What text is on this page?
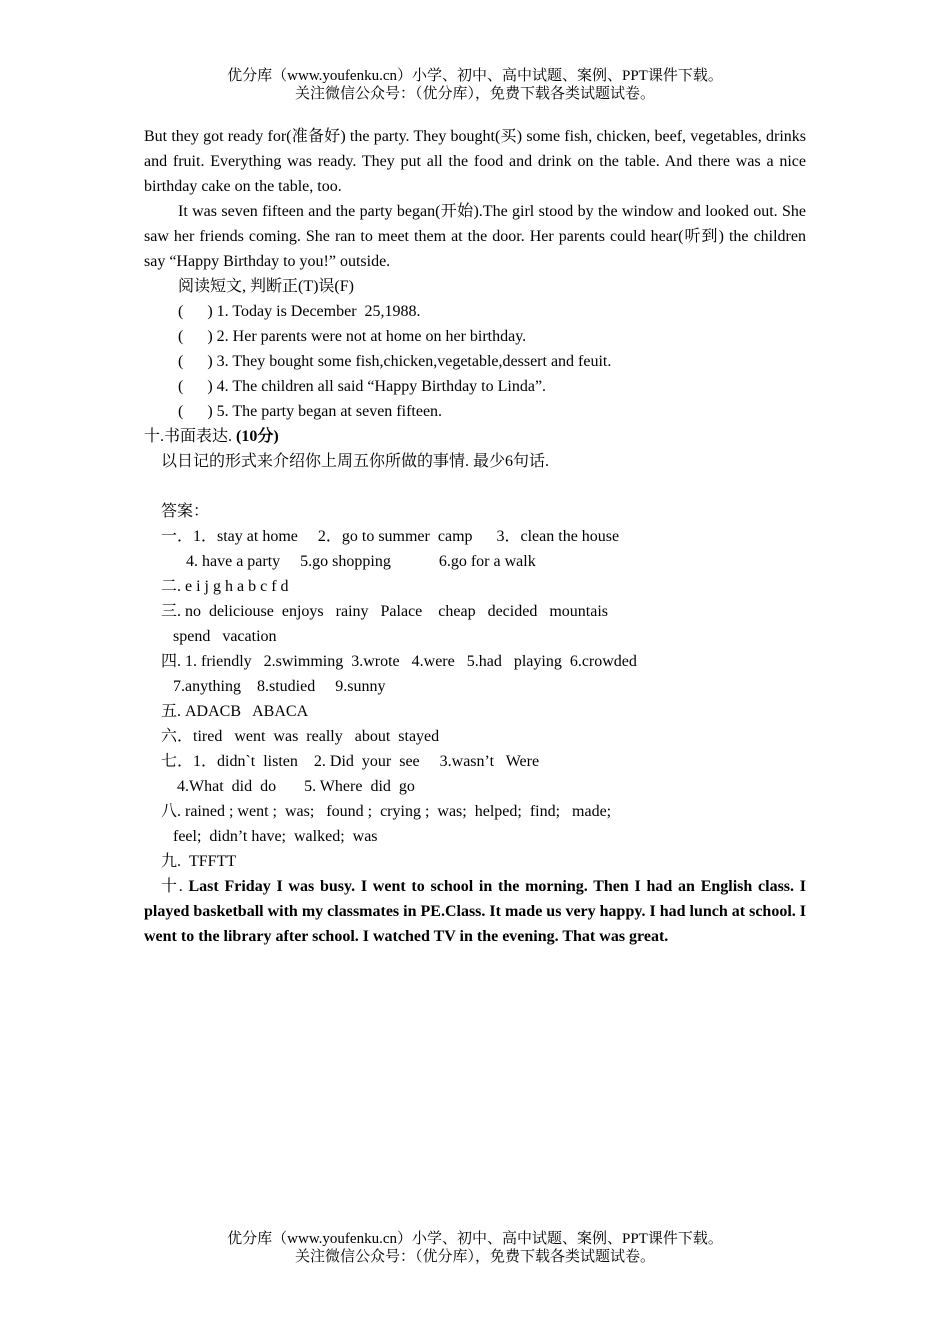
优分库（www.youfenku.cn）小学、初中、高中试题、案例、PPT课件下载。
关注微信公众号：（优分库），免费下载各类试题试卷。

But they got ready for(准备好) the party. They bought(买) some fish, chicken, beef, vegetables, drinks and fruit. Everything was ready. They put all the food and drink on the table. And there was a nice birthday cake on the table, too.

It was seven fifteen and the party began(开始).The girl stood by the window and looked out. She saw her friends coming. She ran to meet them at the door. Her parents could hear(听到) the children say “Happy Birthday to you!” outside.

阅读短文, 判断正(T)误(F)

(      ) 1. Today is December  25,1988.

(      ) 2. Her parents were not at home on her birthday.

(      ) 3. They bought some fish,chicken,vegetable,dessert and feuit.

(      ) 4. The children all said “Happy Birthday to Linda”.

(      ) 5. The party began at seven fifteen.

十.书面表达. (10分)

以日记的形式来介绍你上周五你所做的事情. 最少6句话.

答案：

一．1．stay at home     2．go to summer  camp      3．clean the house

4. have a party     5.go shopping            6.go for a walk

二. e i j g h a b c f d

三. no  deliciouse  enjoys   rainy   Palace    cheap   decided   mountais

spend   vacation

四. 1. friendly   2.swimming  3.wrote   4.were   5.had   playing  6.crowded

7.anything    8.studied     9.sunny

五. ADACB   ABACA

六．tired   went  was  really   about  stayed

七．1．didn`t  listen    2. Did  your  see     3.wasn’t   Were

4.What  did  do       5. Where  did  go

八. rained ; went ;  was;   found ;  crying ;  was;  helped;  find;   made;

feel;  didn’t have;  walked;  was

九.  TFFTT

十. Last Friday I was busy. I went to school in the morning. Then I had an English class. I played basketball with my classmates in PE.Class. It made us very happy. I had lunch at school. I went to the library after school. I watched TV in the evening. That was great.

优分库（www.youfenku.cn）小学、初中、高中试题、案例、PPT课件下载。
关注微信公众号：（优分库），免费下载各类试题试卷。
